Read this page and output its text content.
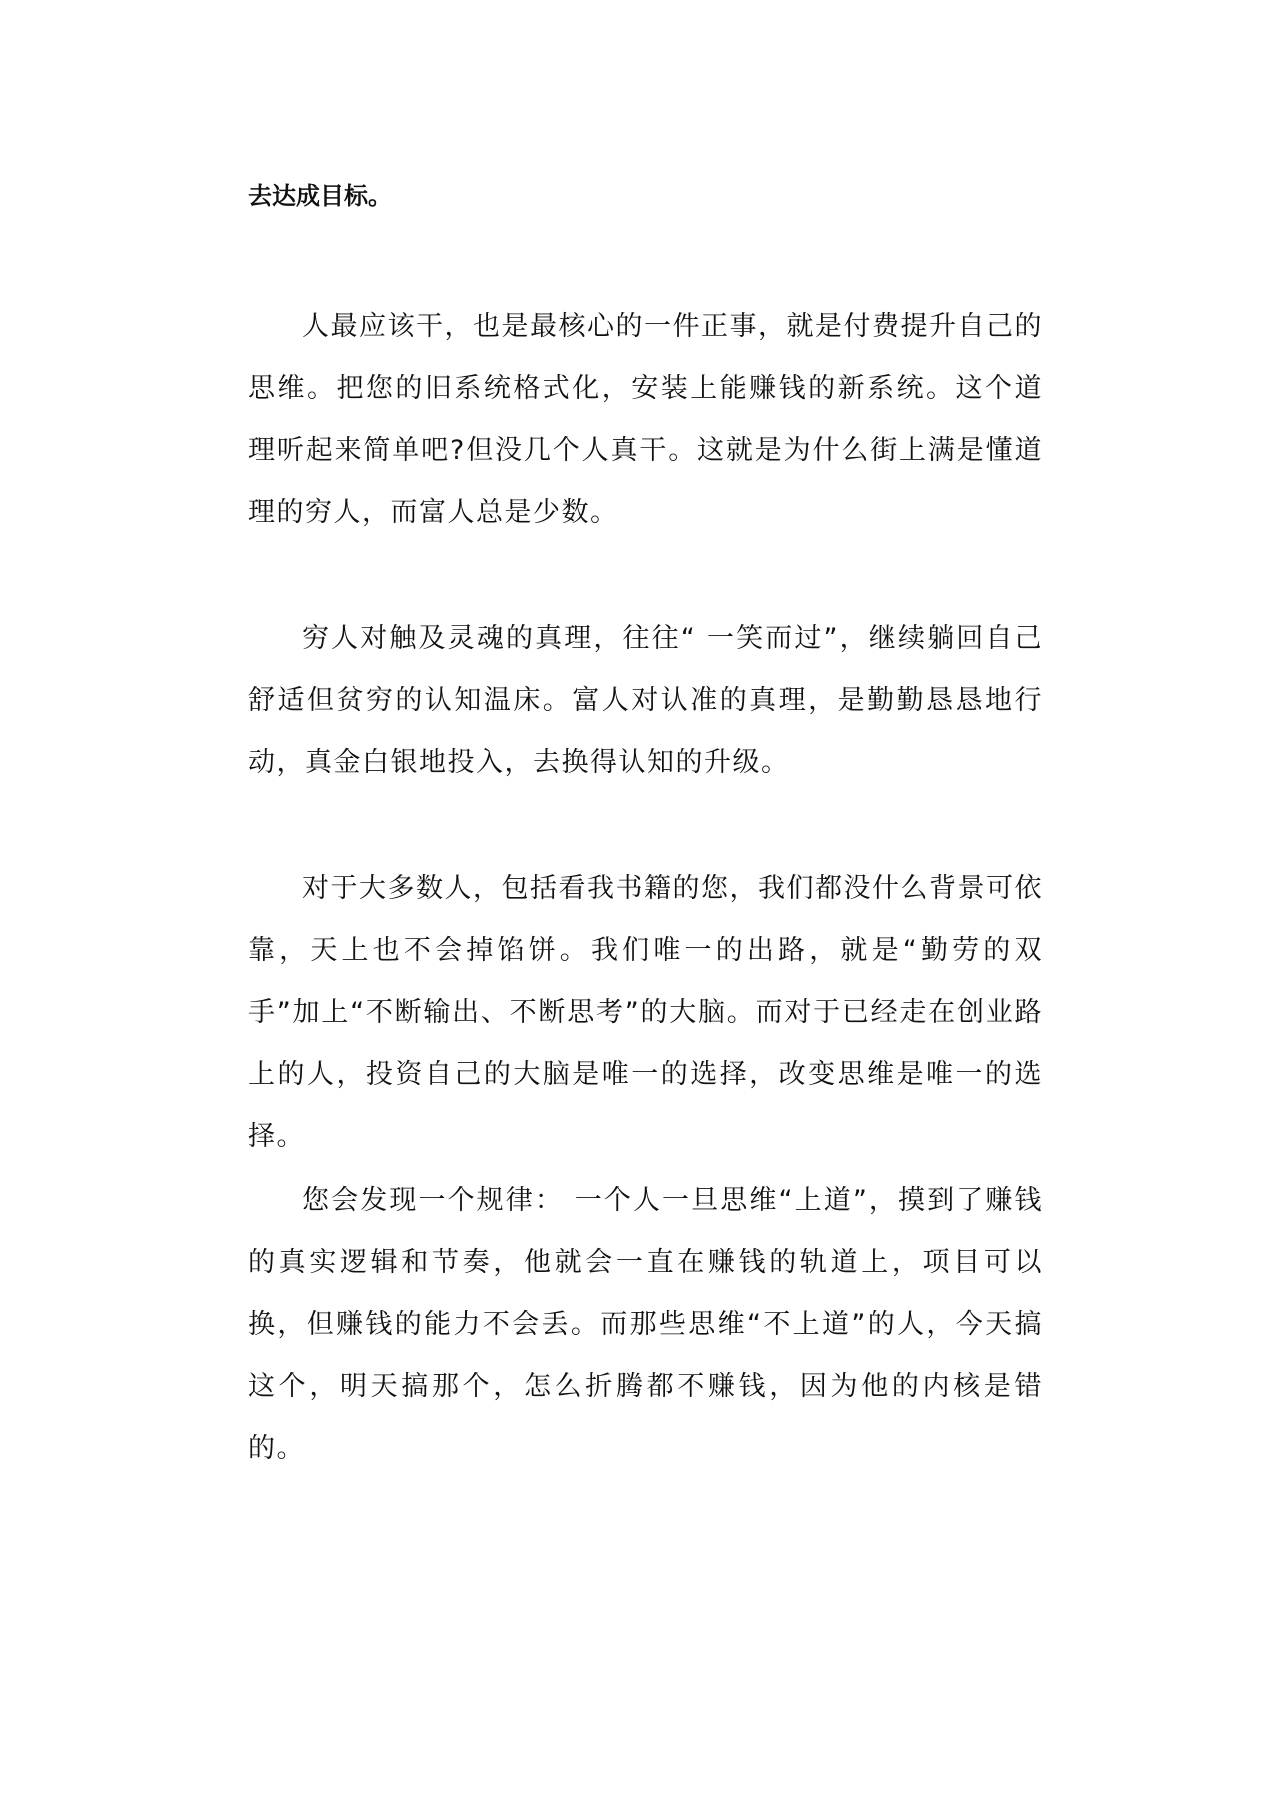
去达成目标。

人最应该干，也是最核心的一件正事，就是付费提升自己的思维。把您的旧系统格式化，安装上能赚钱的新系统。这个道理听起来简单吧?但没几个人真干。这就是为什么街上满是懂道理的穷人，而富人总是少数。

穷人对触及灵魂的真理，往往“ 一笑而过”，继续躺回自己舒适但贫穷的认知温床。富人对认准的真理，是勤勤恳恳地行动，真金白银地投入，去换得认知的升级。

对于大多数人，包括看我书籍的您，我们都没什么背景可依靠，天上也不会掉馅饼。我们唯一的出路，就是“勤劳的双手”加上“不断输出、不断思考”的大脑。而对于已经走在创业路上的人，投资自己的大脑是唯一的选择，改变思维是唯一的选择。

您会发现一个规律： 一个人一旦思维“上道”，摸到了赚钱的真实逻辑和节奏，他就会一直在赚钱的轨道上，项目可以换，但赚钱的能力不会丢。而那些思维“不上道”的人，今天搞这个，明天搞那个，怎么折腾都不赚钱，因为他的内核是错的。
